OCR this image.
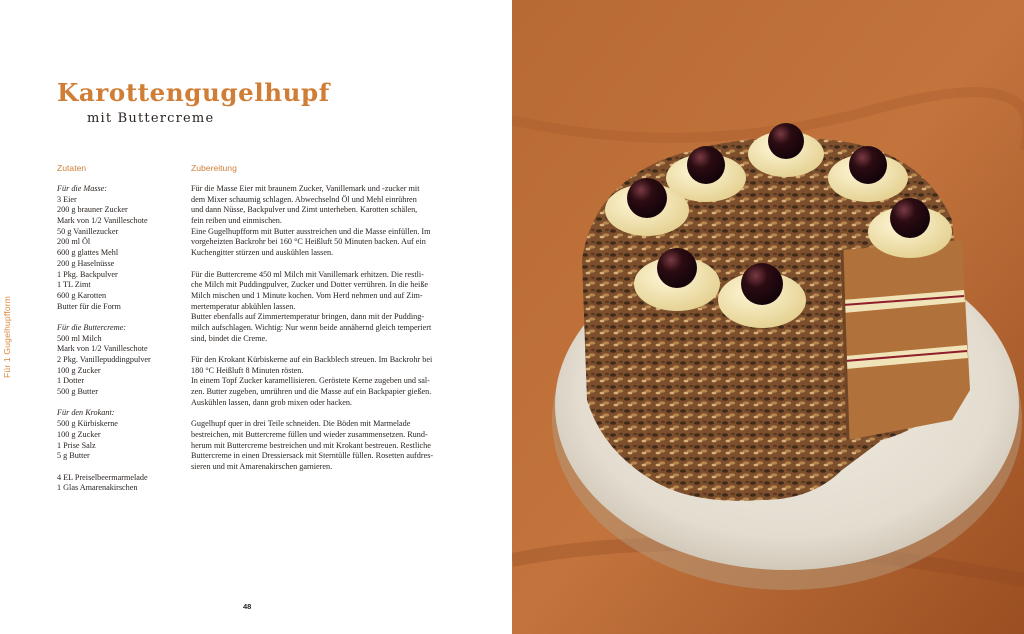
Für 1 Gugelhupfform
Karottengugelhupf
mit Buttercreme
Zutaten	Zubereitung
Für die Masse:
3 Eier
200 g brauner Zucker
Mark von 1/2 Vanilleschote
50 g Vanillezucker
200 ml Öl
600 g glattes Mehl
200 g Haselnüsse
1 Pkg. Backpulver
1 TL Zimt
600 g Karotten
Butter für die Form
Für die Buttercreme:
500 ml Milch
Mark von 1/2 Vanilleschote
2 Pkg. Vanillepuddingpulver
100 g Zucker
1 Dotter
500 g Butter
Für den Krokant:
500 g Kürbiskerne
100 g Zucker
1 Prise Salz
5 g Butter
4 EL Preiselbeermarmelade
1 Glas Amarenakirschen
Für die Masse Eier mit braunem Zucker, Vanillemark und -zucker mit
dem Mixer schaumig schlagen. Abwechselnd Öl und Mehl einrühren
und dann Nüsse, Backpulver und Zimt unterheben. Karotten schälen,
fein reiben und einmischen.
Eine Gugelhupfform mit Butter ausstreichen und die Masse einfüllen. Im
vorgeheizten Backrohr bei 160 °C Heißluft 50 Minuten backen. Auf ein
Kuchengitter stürzen und auskühlen lassen.
Für die Buttercreme 450 ml Milch mit Vanillemark erhitzen. Die restli-
che Milch mit Puddingpulver, Zucker und Dotter verrühren. In die heiße
Milch mischen und 1 Minute kochen. Vom Herd nehmen und auf Zim-
mertemperatur abkühlen lassen.
Butter ebenfalls auf Zimmertemperatur bringen, dann mit der Pudding-
milch aufschlagen. Wichtig: Nur wenn beide annähernd gleich temperiert
sind, bindet die Creme.
Für den Krokant Kürbiskerne auf ein Backblech streuen. Im Backrohr bei
180 °C Heißluft 8 Minuten rösten.
In einem Topf Zucker karamellisieren. Geröstete Kerne zugeben und sal-
zen. Butter zugeben, umrühren und die Masse auf ein Backpapier gießen.
Auskühlen lassen, dann grob mixen oder hacken.
Gugelhupf quer in drei Teile schneiden. Die Böden mit Marmelade
bestreichen, mit Buttercreme füllen und wieder zusammensetzen. Rund-
herum mit Buttercreme bestreichen und mit Krokant bestreuen. Restliche
Buttercreme in einen Dressiersack mit Sterntülle füllen. Rosetten aufdres-
sieren und mit Amarenakirschen garnieren.
48
